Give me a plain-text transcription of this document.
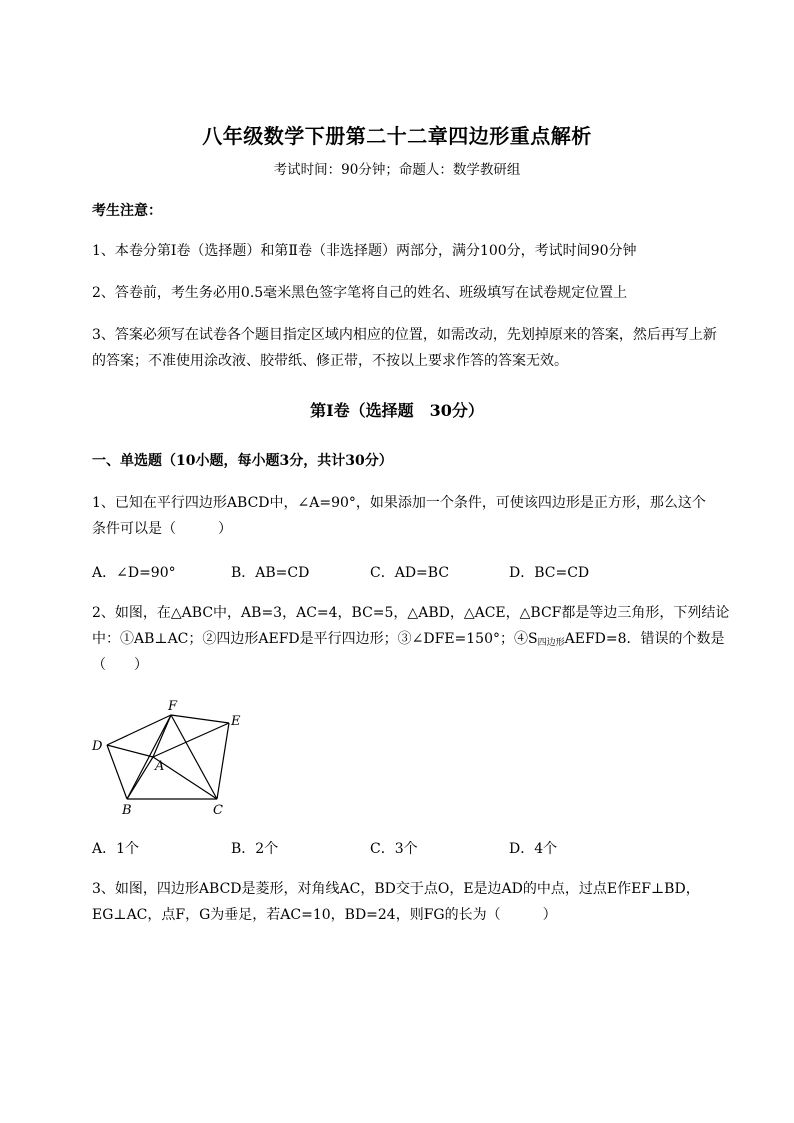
八年级数学下册第二十二章四边形重点解析
考试时间：90分钟；命题人：数学教研组
考生注意：
1、本卷分第I卷（选择题）和第Ⅱ卷（非选择题）两部分，满分100分，考试时间90分钟
2、答卷前，考生务必用0.5毫米黑色签字笔将自己的姓名、班级填写在试卷规定位置上
3、答案必须写在试卷各个题目指定区域内相应的位置，如需改动，先划掉原来的答案，然后再写上新
的答案；不准使用涂改液、胶带纸、修正带，不按以上要求作答的答案无效。
第I卷（选择题　30分）
一、单选题（10小题，每小题3分，共计30分）
1、已知在平行四边形ABCD中，∠A=90°，如果添加一个条件，可使该四边形是正方形，那么这个
条件可以是（　　　）
A．∠D=90°	B．AB=CD	C．AD=BC	D．BC=CD
2、如图，在△ABC中，AB=3，AC=4，BC=5，△ABD，△ACE，△BCF都是等边三角形，下列结论
中：①AB⊥AC；②四边形AEFD是平行四边形；③∠DFE=150°；$④S_{四边形}AEFD=8$．错误的个数是
（　　）
F
E
D
A
B	C
A．1个	B．2个	C．3个	D．4个
3、如图，四边形ABCD是菱形，对角线AC，BD交于点O，E是边AD的中点，过点E作EF⊥BD，
EG⊥AC，点F，G为垂足，若AC=10，BD=24，则FG的长为（　　　）
